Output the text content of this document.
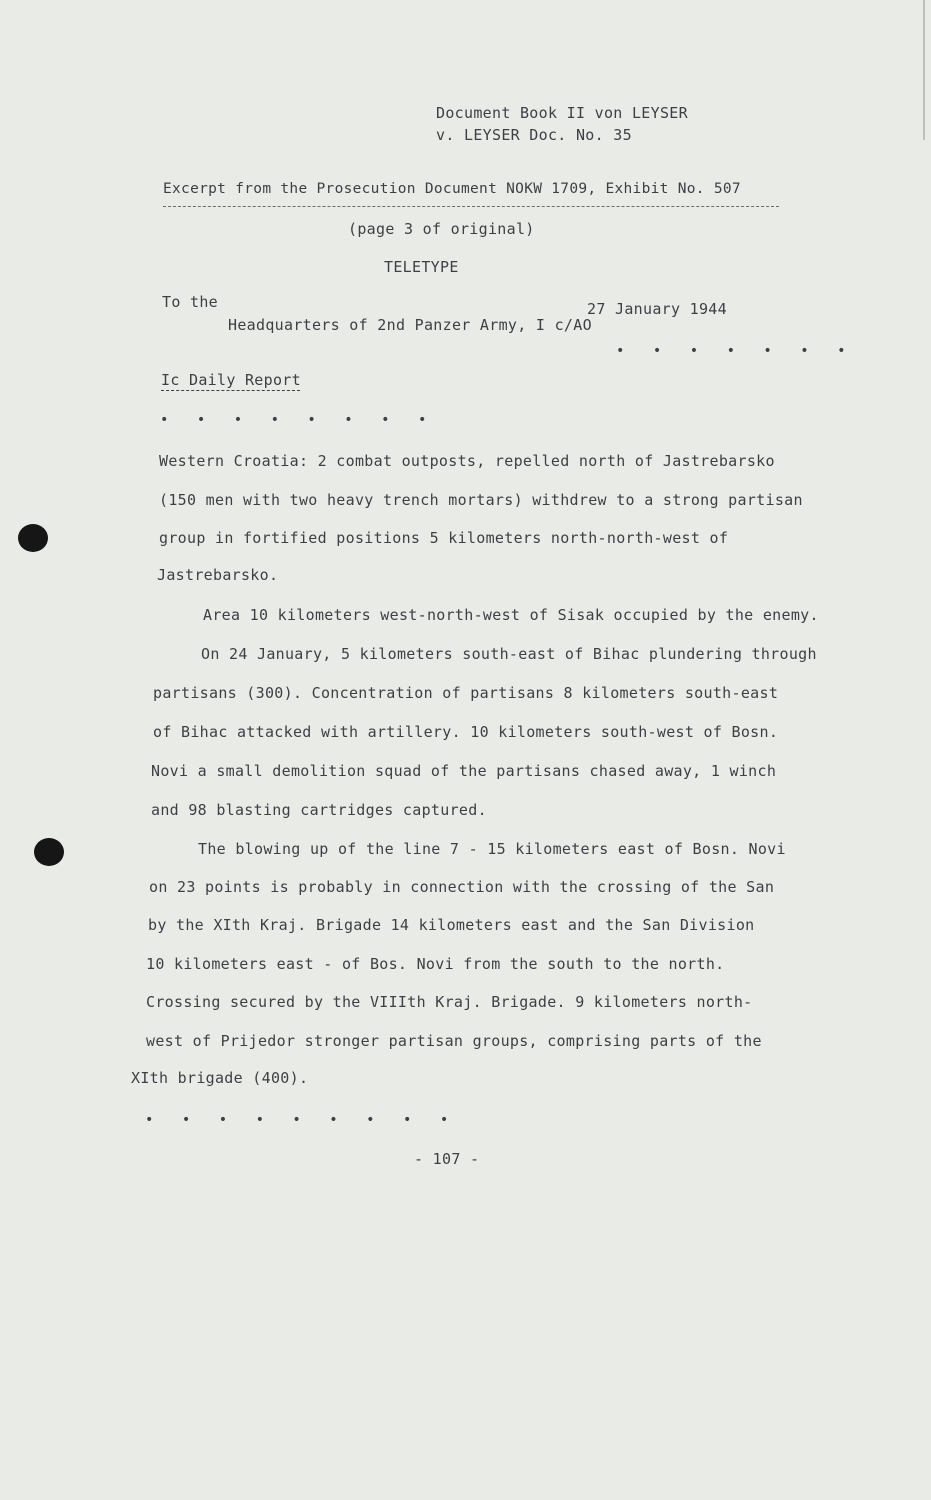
Document Book II von LEYSER
v. LEYSER Doc. No. 35
Excerpt from the Prosecution Document NOKW 1709, Exhibit No. 507
(page 3 of original)
TELETYPE
To the	27 January 1944
Headquarters of 2nd Panzer Army, I c/AO
• • • • • • •
Ic Daily Report
• • • • • • • •

Western Croatia: 2 combat outposts, repelled north of Jastrebarsko

(150 men with two heavy trench mortars) withdrew to a strong partisan

group in fortified positions 5 kilometers north-north-west of

Jastrebarsko.

Area 10 kilometers west-north-west of Sisak occupied by the enemy.

On 24 January, 5 kilometers south-east of Bihac plundering through

partisans (300). Concentration of partisans 8 kilometers south-east

of Bihac attacked with artillery. 10 kilometers south-west of Bosn.

Novi a small demolition squad of the partisans chased away, 1 winch

and 98 blasting cartridges captured.

The blowing up of the line 7 - 15 kilometers east of Bosn. Novi

on 23 points is probably in connection with the crossing of the San

by the XIth Kraj. Brigade 14 kilometers east and the San Division

10 kilometers east - of Bos. Novi from the south to the north.

Crossing secured by the VIIIth Kraj. Brigade. 9 kilometers north-

west of Prijedor stronger partisan groups, comprising parts of the

XIth brigade (400).

• • • • • • • • •
- 107 -
